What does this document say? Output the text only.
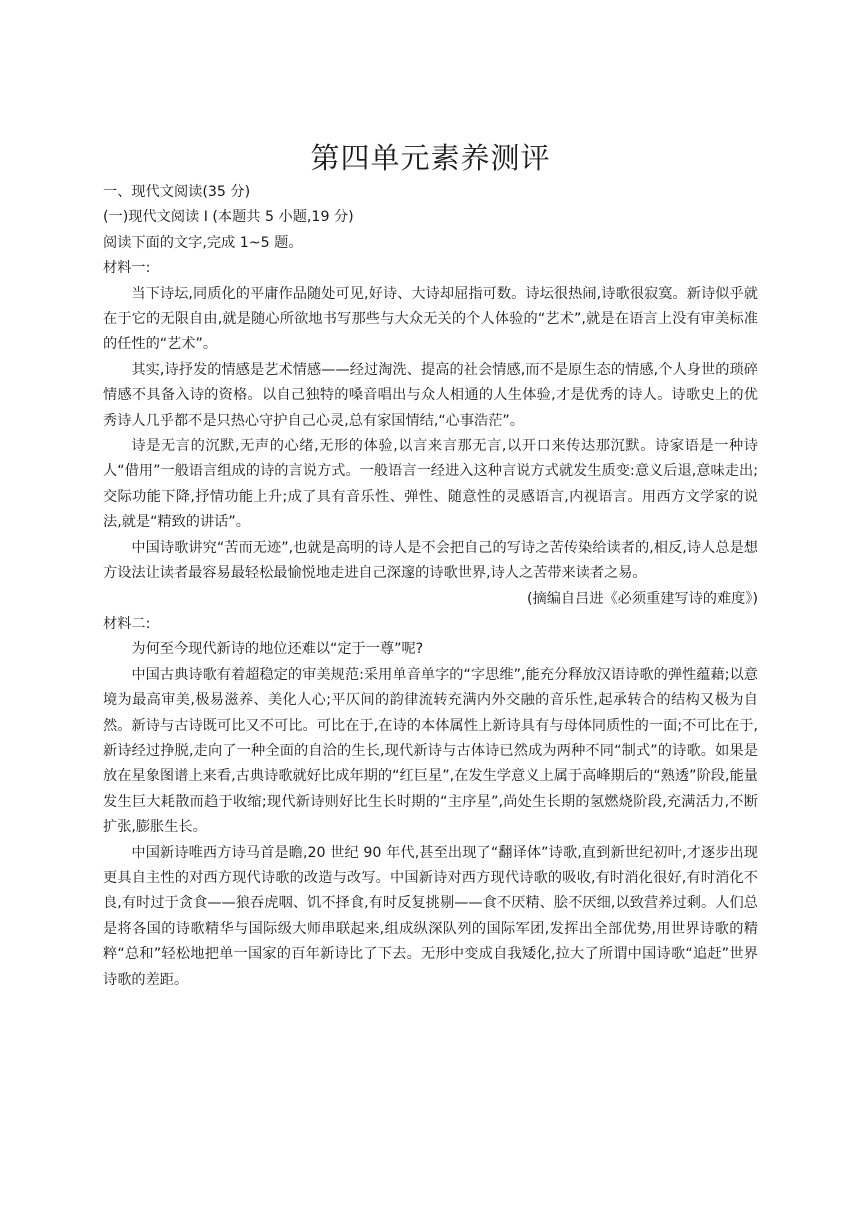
第四单元素养测评

一、现代文阅读(35 分)

(一)现代文阅读 I (本题共 5 小题,19 分)

阅读下面的文字,完成 1~5 题。

材料一:

当下诗坛,同质化的平庸作品随处可见,好诗、大诗却屈指可数。诗坛很热闹,诗歌很寂寞。新诗似乎就在于它的无限自由,就是随心所欲地书写那些与大众无关的个人体验的“艺术”,就是在语言上没有审美标准的任性的“艺术”。

其实,诗抒发的情感是艺术情感——经过淘洗、提高的社会情感,而不是原生态的情感,个人身世的琐碎情感不具备入诗的资格。以自己独特的嗓音唱出与众人相通的人生体验,才是优秀的诗人。诗歌史上的优秀诗人几乎都不是只热心守护自己心灵,总有家国情结,“心事浩茫”。

诗是无言的沉默,无声的心绪,无形的体验,以言来言那无言,以开口来传达那沉默。诗家语是一种诗人“借用”一般语言组成的诗的言说方式。一般语言一经进入这种言说方式就发生质变:意义后退,意味走出;交际功能下降,抒情功能上升;成了具有音乐性、弹性、随意性的灵感语言,内视语言。用西方文学家的说法,就是“精致的讲话”。

中国诗歌讲究“苦而无迹”,也就是高明的诗人是不会把自己的写诗之苦传染给读者的,相反,诗人总是想方设法让读者最容易最轻松最愉悦地走进自己深邃的诗歌世界,诗人之苦带来读者之易。

(摘编自吕进《必须重建写诗的难度》)

材料二:

为何至今现代新诗的地位还难以“定于一尊”呢?

中国古典诗歌有着超稳定的审美规范:采用单音单字的“字思维”,能充分释放汉语诗歌的弹性蕴藉;以意境为最高审美,极易滋养、美化人心;平仄间的韵律流转充满内外交融的音乐性,起承转合的结构又极为自然。新诗与古诗既可比又不可比。可比在于,在诗的本体属性上新诗具有与母体同质性的一面;不可比在于,新诗经过挣脱,走向了一种全面的自洽的生长,现代新诗与古体诗已然成为两种不同“制式”的诗歌。如果是放在星象图谱上来看,古典诗歌就好比成年期的“红巨星”,在发生学意义上属于高峰期后的“熟透”阶段,能量发生巨大耗散而趋于收缩;现代新诗则好比生长时期的“主序星”,尚处生长期的氢燃烧阶段,充满活力,不断扩张,膨胀生长。

中国新诗唯西方诗马首是瞻,20 世纪 90 年代,甚至出现了“翻译体”诗歌,直到新世纪初叶,才逐步出现更具自主性的对西方现代诗歌的改造与改写。中国新诗对西方现代诗歌的吸收,有时消化很好,有时消化不良,有时过于贪食——狼吞虎咽、饥不择食,有时反复挑剔——食不厌精、脍不厌细,以致营养过剩。人们总是将各国的诗歌精华与国际级大师串联起来,组成纵深队列的国际军团,发挥出全部优势,用世界诗歌的精粹“总和”轻松地把单一国家的百年新诗比了下去。无形中变成自我矮化,拉大了所谓中国诗歌“追赶”世界诗歌的差距。
